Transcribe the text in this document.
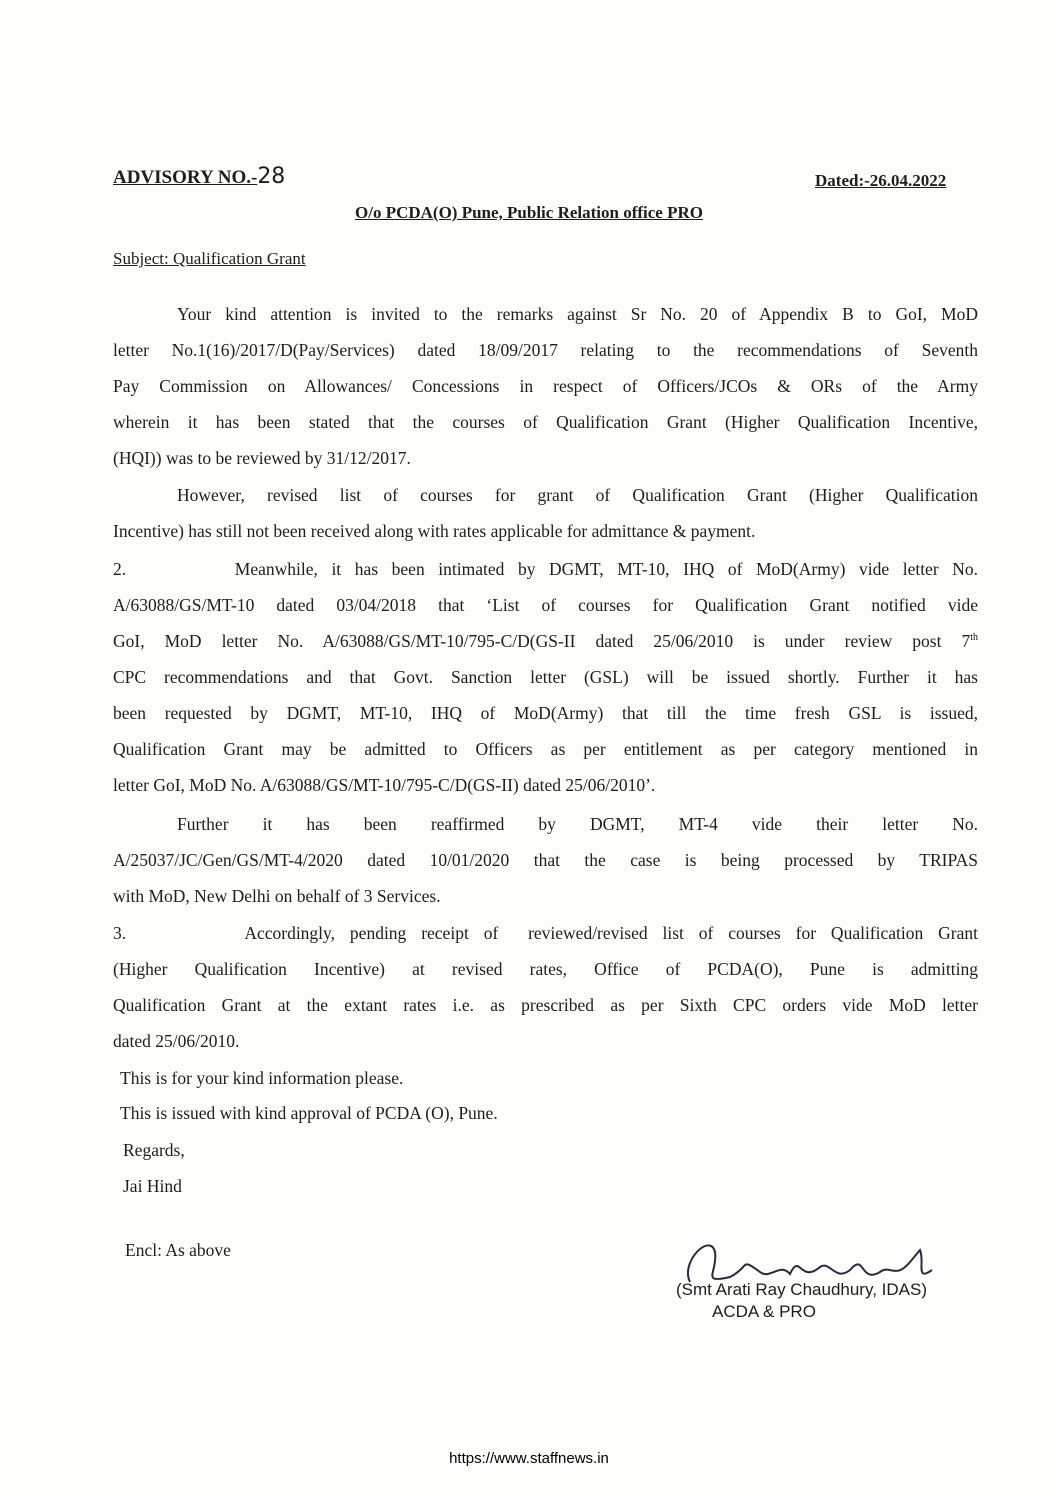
ADVISORY NO.-28	Dated:-26.04.2022
O/o PCDA(O) Pune, Public Relation office PRO
Subject: Qualification Grant
Your kind attention is invited to the remarks against Sr No. 20 of Appendix B to GoI, MoD
letter No.1(16)/2017/D(Pay/Services) dated 18/09/2017 relating to the recommendations of Seventh
Pay Commission on Allowances/ Concessions in respect of Officers/JCOs & ORs of the Army
wherein it has been stated that the courses of Qualification Grant (Higher Qualification Incentive,
(HQI)) was to be reviewed by 31/12/2017.
However, revised list of courses for grant of Qualification Grant (Higher Qualification
Incentive) has still not been received along with rates applicable for admittance & payment.
2.        Meanwhile, it has been intimated by DGMT, MT-10, IHQ of MoD(Army) vide letter No.
A/63088/GS/MT-10 dated 03/04/2018 that ‘List of courses for Qualification Grant notified vide
GoI, MoD letter No. A/63088/GS/MT-10/795-C/D(GS-II dated 25/06/2010 is under review post 7th
CPC recommendations and that Govt. Sanction letter (GSL) will be issued shortly. Further it has
been requested by DGMT, MT-10, IHQ of MoD(Army) that till the time fresh GSL is issued,
Qualification Grant may be admitted to Officers as per entitlement as per category mentioned in
letter GoI, MoD No. A/63088/GS/MT-10/795-C/D(GS-II) dated 25/06/2010’.
Further it has been reaffirmed by DGMT, MT-4 vide their letter No.
A/25037/JC/Gen/GS/MT-4/2020 dated 10/01/2020 that the case is being processed by TRIPAS
with MoD, New Delhi on behalf of 3 Services.
3.        Accordingly, pending receipt of  reviewed/revised list of courses for Qualification Grant
(Higher Qualification Incentive) at revised rates, Office of PCDA(O), Pune is admitting
Qualification Grant at the extant rates i.e. as prescribed as per Sixth CPC orders vide MoD letter
dated 25/06/2010.
This is for your kind information please.
This is issued with kind approval of PCDA (O), Pune.
Regards,
Jai Hind
Encl: As above
(Smt Arati Ray Chaudhury, IDAS)
ACDA & PRO
https://www.staffnews.in
